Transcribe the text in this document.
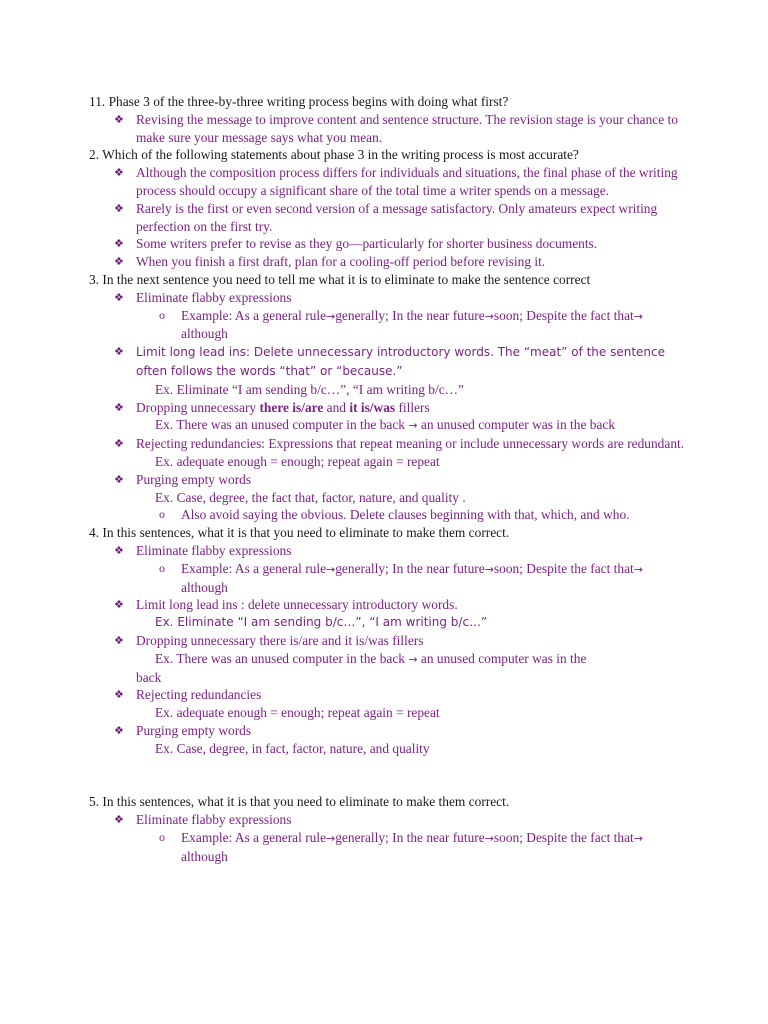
11. Phase 3 of the three-by-three writing process begins with doing what first?

❖ Revising the message to improve content and sentence structure. The revision stage is your chance to make sure your message says what you mean.

2. Which of the following statements about phase 3 in the writing process is most accurate?

❖ Although the composition process differs for individuals and situations, the final phase of the writing process should occupy a significant share of the total time a writer spends on a message.

❖ Rarely is the first or even second version of a message satisfactory. Only amateurs expect writing perfection on the first try.

❖ Some writers prefer to revise as they go—particularly for shorter business documents.

❖ When you finish a first draft, plan for a cooling-off period before revising it.

3. In the next sentence you need to tell me what it is to eliminate to make the sentence correct

❖ Eliminate flabby expressions

o Example: As a general rule→generally; In the near future→soon; Despite the fact that→ although

❖ Limit long lead ins: Delete unnecessary introductory words. The “meat” of the sentence often follows the words “that” or “because.”

Ex. Eliminate “I am sending b/c…”, “I am writing b/c…”

❖ Dropping unnecessary there is/are and it is/was fillers

Ex. There was an unused computer in the back → an unused computer was in the back

❖ Rejecting redundancies: Expressions that repeat meaning or include unnecessary words are redundant.

Ex. adequate enough = enough; repeat again = repeat

❖ Purging empty words

Ex. Case, degree, the fact that, factor, nature, and quality .

o Also avoid saying the obvious. Delete clauses beginning with that, which, and who.

4. In this sentences, what it is that you need to eliminate to make them correct.

❖ Eliminate flabby expressions

o Example: As a general rule→generally; In the near future→soon; Despite the fact that→ although

❖ Limit long lead ins : delete unnecessary introductory words.

Ex. Eliminate “I am sending b/c…”, “I am writing b/c…”

❖ Dropping unnecessary there is/are and it is/was fillers

Ex. There was an unused computer in the back → an unused computer was in the

back

❖ Rejecting redundancies

Ex. adequate enough = enough; repeat again = repeat

❖ Purging empty words

Ex. Case, degree, in fact, factor, nature, and quality

5. In this sentences, what it is that you need to eliminate to make them correct.

❖ Eliminate flabby expressions

o Example: As a general rule→generally; In the near future→soon; Despite the fact that→ although
